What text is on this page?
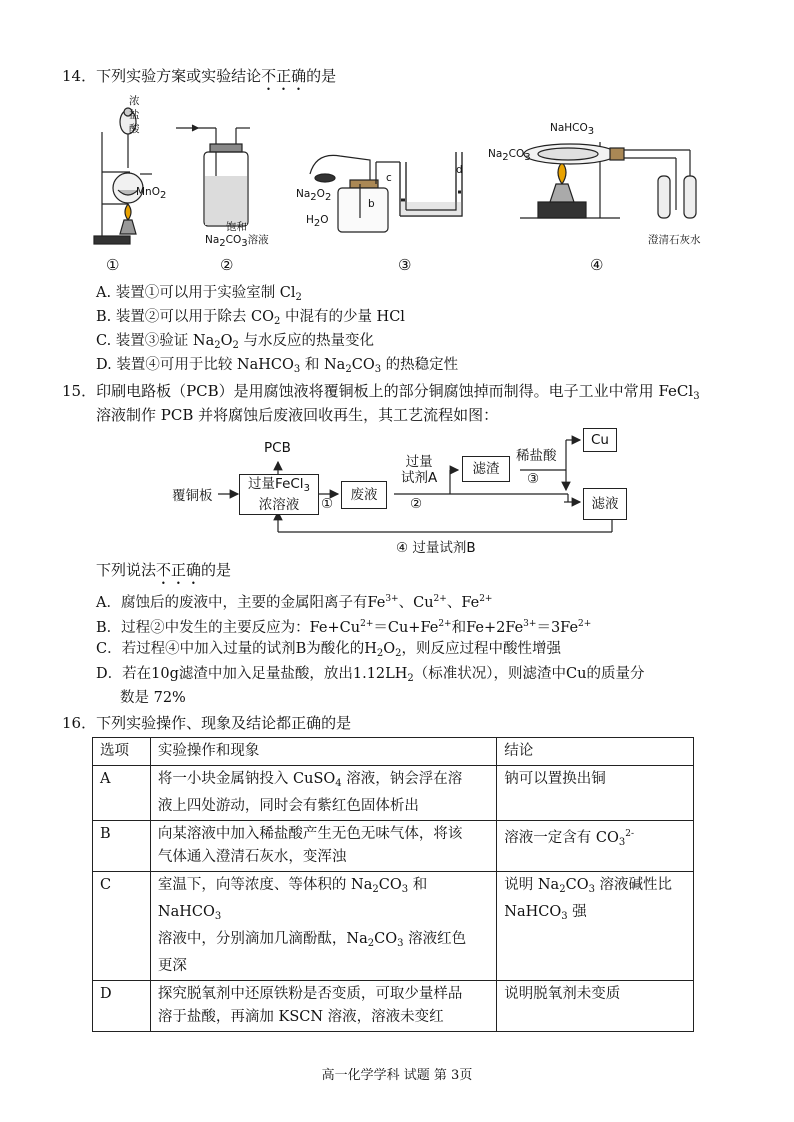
14．下列实验方案或实验结论不正确的是
浓盐酸
MnO2
饱和
Na2CO3溶液
Na2O2
H2O
b
c
d
NaHCO3
Na2CO3
澄清石灰水
①	②	③	④
A. 装置①可以用于实验室制 $Cl_2$
B. 装置②可以用于除去 $CO_2$ 中混有的少量 HCl
C. 装置③验证 $Na_2O_2$ 与水反应的热量变化
D. 装置④可用于比较 NaHCO$_3$ 和 $Na_2CO_3$ 的热稳定性
15．印刷电路板（PCB）是用腐蚀液将覆铜板上的部分铜腐蚀掉而制得。电子工业中常用 FeCl$_3$
溶液制作 PCB 并将腐蚀后废液回收再生，其工艺流程如图：
PCB
覆铜板
过量FeCl$_3$
浓溶液	①
废液
过量
试剂A
②
滤渣
稀盐酸
③
Cu
滤液
④ 过量试剂B
下列说法不正确的是
A．腐蚀后的废液中，主要的金属阳离子有$Fe^{3+}$、$Cu^{2+}$、$Fe^{2+}$
B．过程②中发生的主要反应为：$Fe+Cu^{2+}=Cu+Fe^{2+}$和$Fe+2Fe^{3+}=3Fe^{2+}$
C．若过程④中加入过量的试剂B为酸化的$H_2O_2$，则反应过程中酸性增强
D．若在10g滤渣中加入足量盐酸，放出$1.12LH_2$（标准状况），则滤渣中Cu的质量分
数是 72%
16．下列实验操作、现象及结论都正确的是
选项	实验操作和现象	结论
A	将一小块金属钠投入 CuSO$_4$ 溶液，钠会浮在溶
液上四处游动，同时会有紫红色固体析出	钠可以置换出铜
B	向某溶液中加入稀盐酸产生无色无味气体，将该
气体通入澄清石灰水，变浑浊	溶液一定含有 $CO_3^{2-}$
C	室温下，向等浓度、等体积的 $Na_2CO_3$ 和 NaHCO$_3$
溶液中，分别滴加几滴酚酞，$Na_2CO_3$ 溶液红色
更深	说明 $Na_2CO_3$ 溶液碱性比
NaHCO$_3$ 强
D	探究脱氧剂中还原铁粉是否变质，可取少量样品
溶于盐酸，再滴加 KSCN 溶液，溶液未变红	说明脱氧剂未变质
高一化学学科 试题 第 3页
